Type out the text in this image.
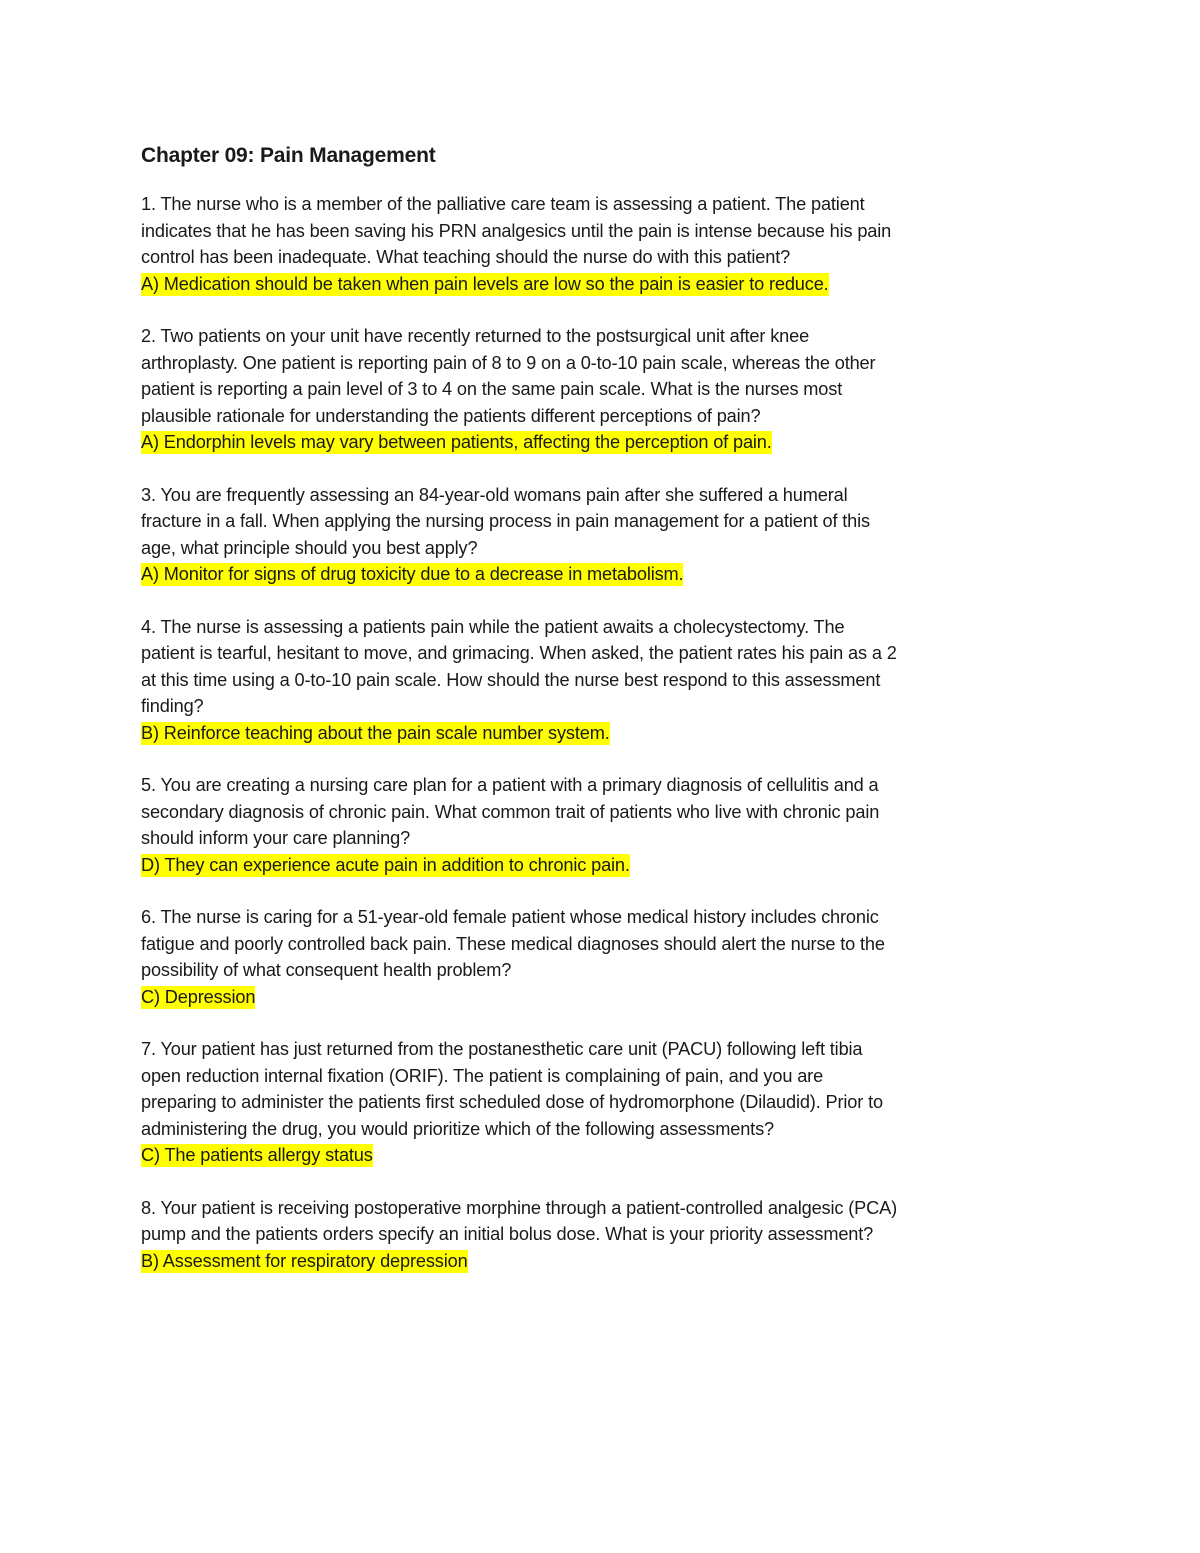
Chapter 09: Pain Management

1. The nurse who is a member of the palliative care team is assessing a patient. The patient indicates that he has been saving his PRN analgesics until the pain is intense because his pain control has been inadequate. What teaching should the nurse do with this patient?

A) Medication should be taken when pain levels are low so the pain is easier to reduce.

2. Two patients on your unit have recently returned to the postsurgical unit after knee arthroplasty. One patient is reporting pain of 8 to 9 on a 0-to-10 pain scale, whereas the other patient is reporting a pain level of 3 to 4 on the same pain scale. What is the nurses most plausible rationale for understanding the patients different perceptions of pain?

A) Endorphin levels may vary between patients, affecting the perception of pain.

3. You are frequently assessing an 84-year-old womans pain after she suffered a humeral fracture in a fall. When applying the nursing process in pain management for a patient of this age, what principle should you best apply?

A) Monitor for signs of drug toxicity due to a decrease in metabolism.

4. The nurse is assessing a patients pain while the patient awaits a cholecystectomy. The patient is tearful, hesitant to move, and grimacing. When asked, the patient rates his pain as a 2 at this time using a 0-to-10 pain scale. How should the nurse best respond to this assessment finding?

B) Reinforce teaching about the pain scale number system.

5. You are creating a nursing care plan for a patient with a primary diagnosis of cellulitis and a secondary diagnosis of chronic pain. What common trait of patients who live with chronic pain should inform your care planning?

D) They can experience acute pain in addition to chronic pain.

6. The nurse is caring for a 51-year-old female patient whose medical history includes chronic fatigue and poorly controlled back pain. These medical diagnoses should alert the nurse to the possibility of what consequent health problem?

C) Depression

7. Your patient has just returned from the postanesthetic care unit (PACU) following left tibia open reduction internal fixation (ORIF). The patient is complaining of pain, and you are preparing to administer the patients first scheduled dose of hydromorphone (Dilaudid). Prior to administering the drug, you would prioritize which of the following assessments?

C) The patients allergy status

8. Your patient is receiving postoperative morphine through a patient-controlled analgesic (PCA) pump and the patients orders specify an initial bolus dose. What is your priority assessment?

B) Assessment for respiratory depression
